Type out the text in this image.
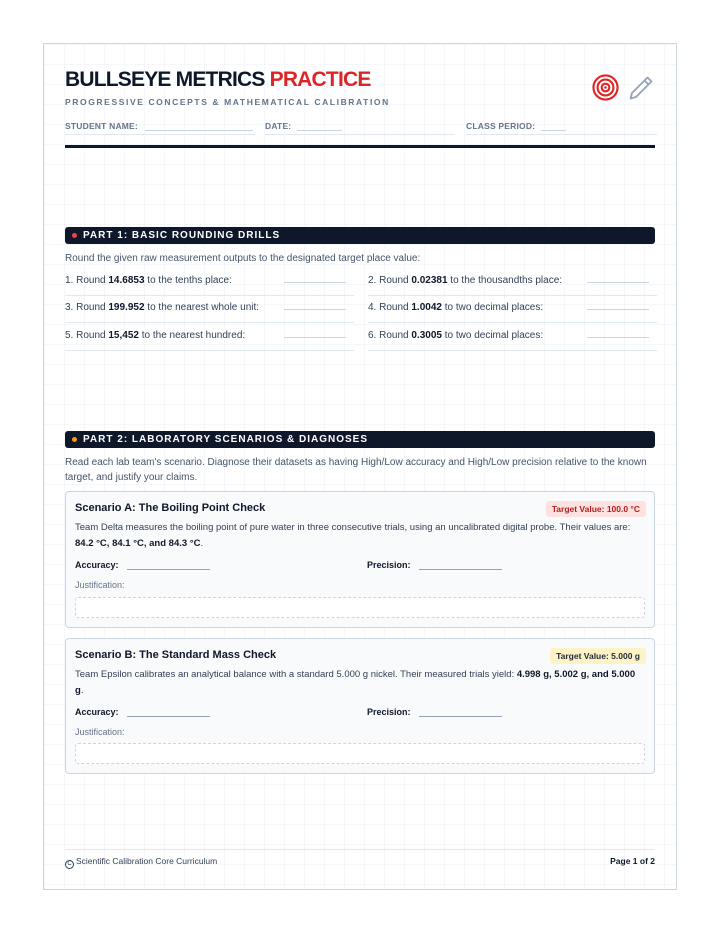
BULLSEYE METRICS PRACTICE
PROGRESSIVE CONCEPTS & MATHEMATICAL CALIBRATION
STUDENT NAME:	DATE:	CLASS PERIOD:
PART 1: BASIC ROUNDING DRILLS
Round the given raw measurement outputs to the designated target place value:
1. Round 14.6853 to the tenths place:	2. Round 0.02381 to the thousandths place:
3. Round 199.952 to the nearest whole unit:	4. Round 1.0042 to two decimal places:
5. Round 15,452 to the nearest hundred:	6. Round 0.3005 to two decimal places:
PART 2: LABORATORY SCENARIOS & DIAGNOSES
Read each lab team's scenario. Diagnose their datasets as having High/Low accuracy and High/Low precision relative to the known target, and justify your claims.
Scenario A: The Boiling Point Check	Target Value: 100.0 °C
Team Delta measures the boiling point of pure water in three consecutive trials, using an uncalibrated digital probe. Their values are: 84.2 °C, 84.1 °C, and 84.3 °C.
Accuracy:	Precision:
Justification:
Scenario B: The Standard Mass Check	Target Value: 5.000 g
Team Epsilon calibrates an analytical balance with a standard 5.000 g nickel. Their measured trials yield: 4.998 g, 5.002 g, and 5.000 g.
Accuracy:	Precision:
Justification:
C Scientific Calibration Core Curriculum	Page 1 of 2
